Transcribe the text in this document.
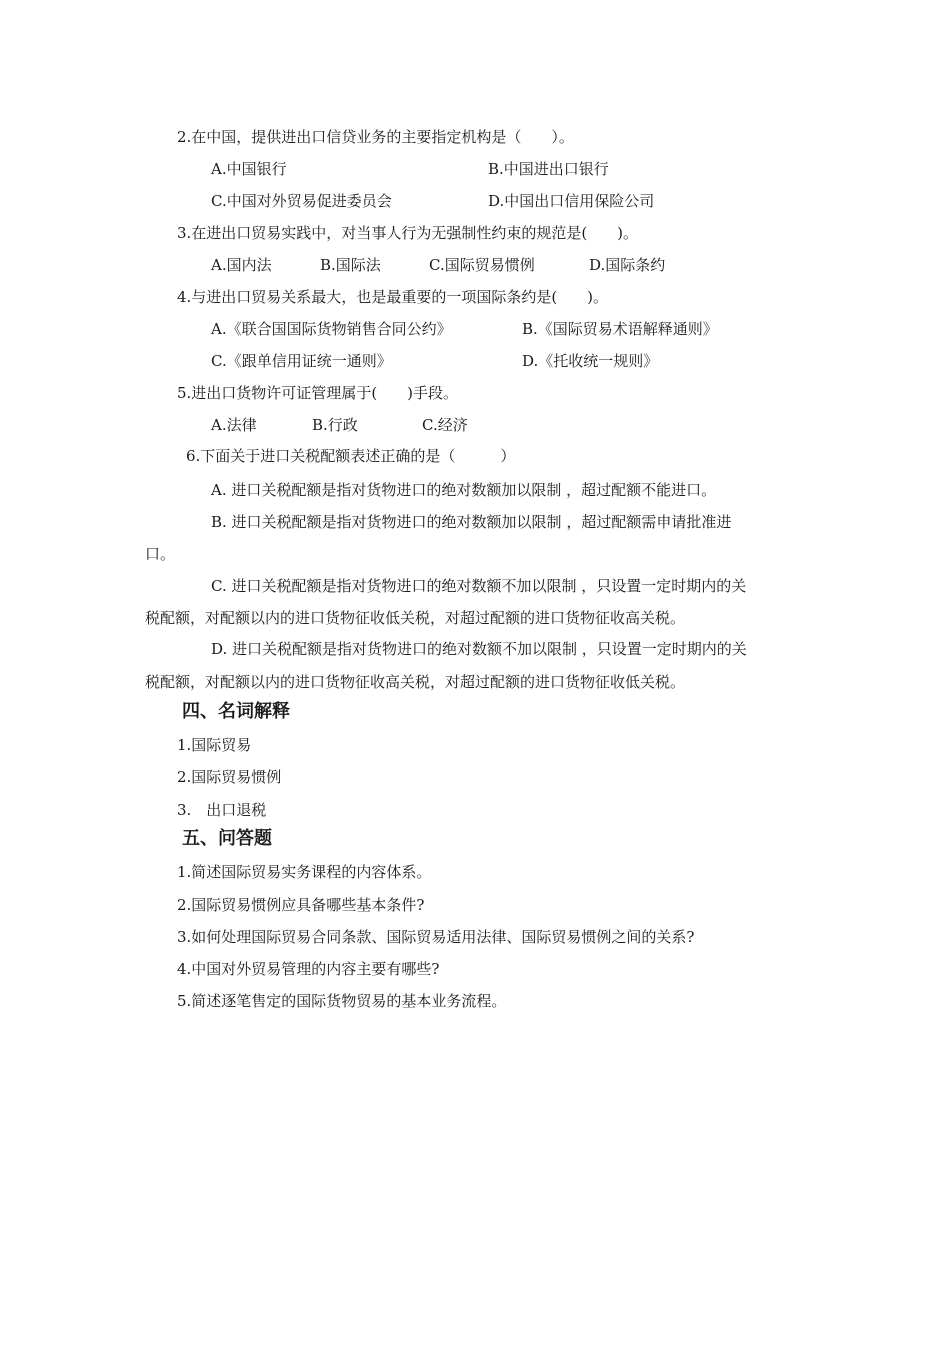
2.在中国，提供进出口信贷业务的主要指定机构是（　　）。
A.中国银行	B.中国进出口银行
C.中国对外贸易促进委员会	D.中国出口信用保险公司
3.在进出口贸易实践中，对当事人行为无强制性约束的规范是(　　)。
A.国内法	B.国际法	C.国际贸易惯例	D.国际条约
4.与进出口贸易关系最大，也是最重要的一项国际条约是(　　)。
A.《联合国国际货物销售合同公约》	B.《国际贸易术语解释通则》
C.《跟单信用证统一通则》	D.《托收统一规则》
5.进出口货物许可证管理属于(　　)手段。
A.法律	B.行政	C.经济
6.下面关于进口关税配额表述正确的是（　　　）
A. 进口关税配额是指对货物进口的绝对数额加以限制 ，超过配额不能进口。
B. 进口关税配额是指对货物进口的绝对数额加以限制 ，超过配额需申请批准进
口。
C. 进口关税配额是指对货物进口的绝对数额不加以限制 ，只设置一定时期内的关
税配额，对配额以内的进口货物征收低关税，对超过配额的进口货物征收高关税。
D. 进口关税配额是指对货物进口的绝对数额不加以限制 ，只设置一定时期内的关
税配额，对配额以内的进口货物征收高关税，对超过配额的进口货物征收低关税。
四、名词解释
1.国际贸易
2.国际贸易惯例
3.　出口退税
五、问答题
1.简述国际贸易实务课程的内容体系。
2.国际贸易惯例应具备哪些基本条件?
3.如何处理国际贸易合同条款、国际贸易适用法律、国际贸易惯例之间的关系?
4.中国对外贸易管理的内容主要有哪些?
5.简述逐笔售定的国际货物贸易的基本业务流程。
